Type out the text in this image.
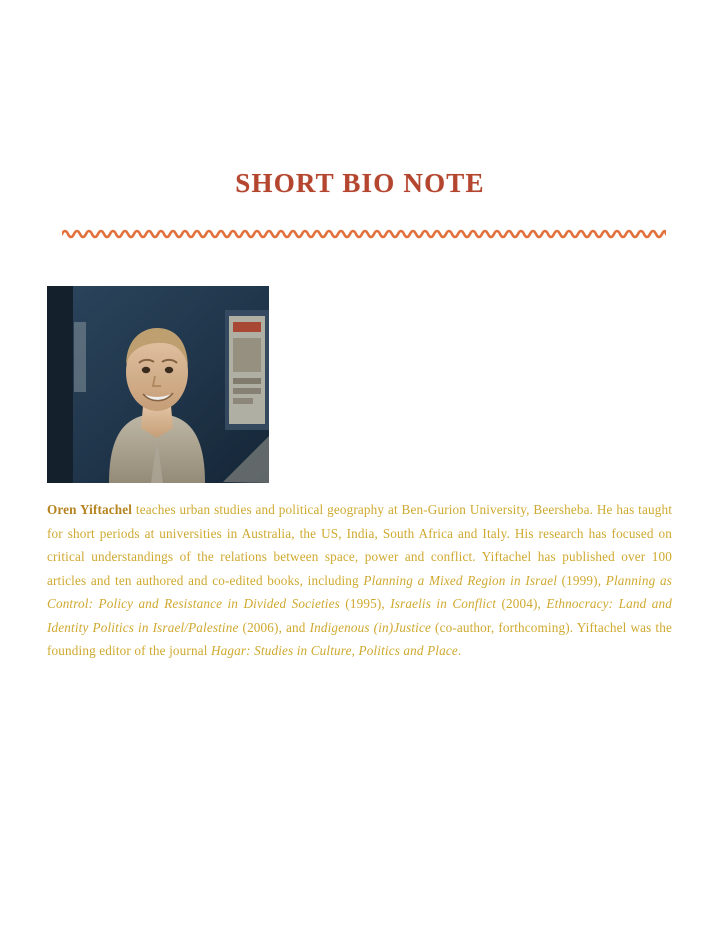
SHORT BIO NOTE
Oren Yiftachel teaches urban studies and political geography at Ben-Gurion University, Beersheba. He has taught for short periods at universities in Australia, the US, India, South Africa and Italy. His research has focused on critical understandings of the relations between space, power and conflict. Yiftachel has published over 100 articles and ten authored and co-edited books, including Planning a Mixed Region in Israel (1999), Planning as Control: Policy and Resistance in Divided Societies (1995), Israelis in Conflict (2004), Ethnocracy: Land and Identity Politics in Israel/Palestine (2006), and Indigenous (in)Justice (co-author, forthcoming). Yiftachel was the founding editor of the journal Hagar: Studies in Culture, Politics and Place.
